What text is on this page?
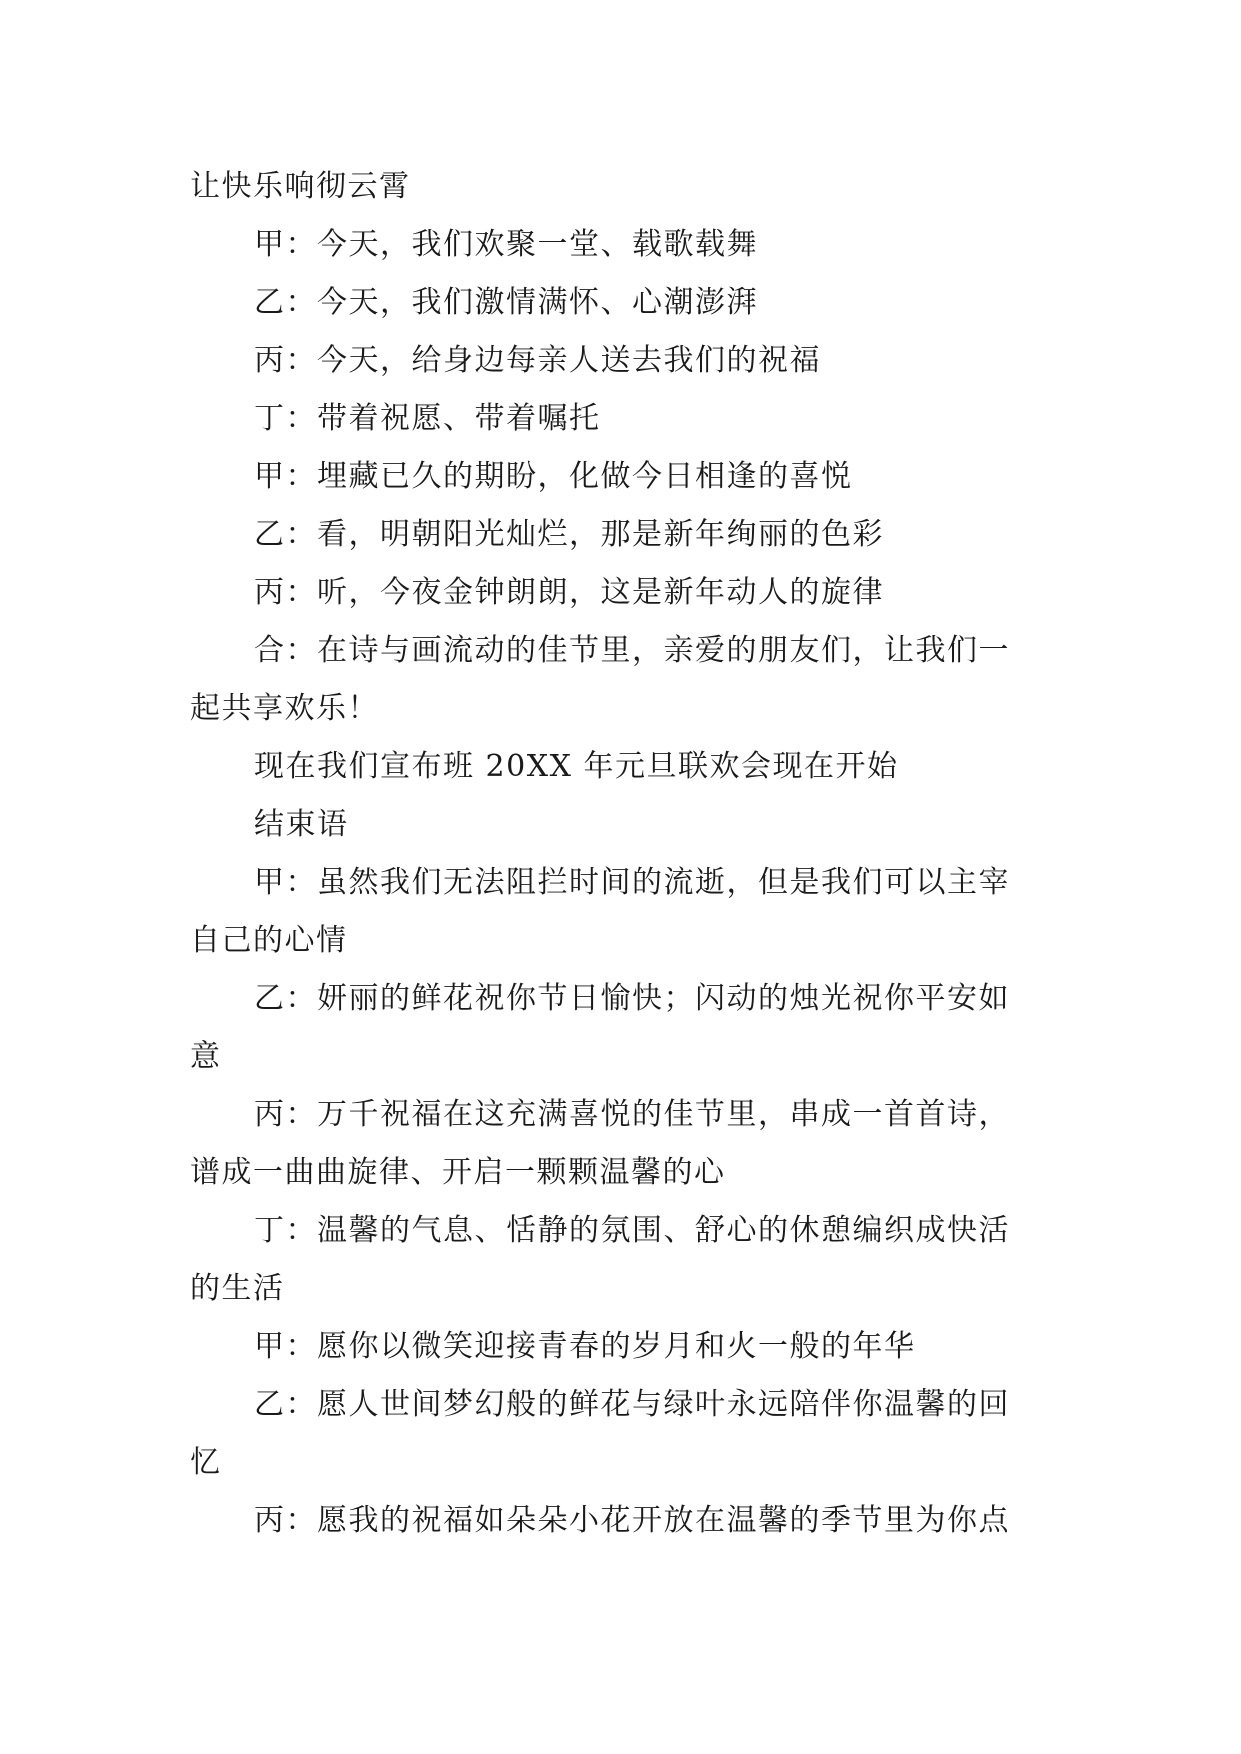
让快乐响彻云霄
甲：今天，我们欢聚一堂、载歌载舞
乙：今天，我们激情满怀、心潮澎湃
丙：今天，给身边每亲人送去我们的祝福
丁：带着祝愿、带着嘱托
甲：埋藏已久的期盼，化做今日相逢的喜悦
乙：看，明朝阳光灿烂，那是新年绚丽的色彩
丙：听，今夜金钟朗朗，这是新年动人的旋律
合：在诗与画流动的佳节里，亲爱的朋友们，让我们一
起共享欢乐！
现在我们宣布班 20XX 年元旦联欢会现在开始
结束语
甲：虽然我们无法阻拦时间的流逝，但是我们可以主宰
自己的心情
乙：妍丽的鲜花祝你节日愉快；闪动的烛光祝你平安如
意
丙：万千祝福在这充满喜悦的佳节里，串成一首首诗，
谱成一曲曲旋律、开启一颗颗温馨的心
丁：温馨的气息、恬静的氛围、舒心的休憩编织成快活
的生活
甲：愿你以微笑迎接青春的岁月和火一般的年华
乙：愿人世间梦幻般的鲜花与绿叶永远陪伴你温馨的回
忆
丙：愿我的祝福如朵朵小花开放在温馨的季节里为你点
